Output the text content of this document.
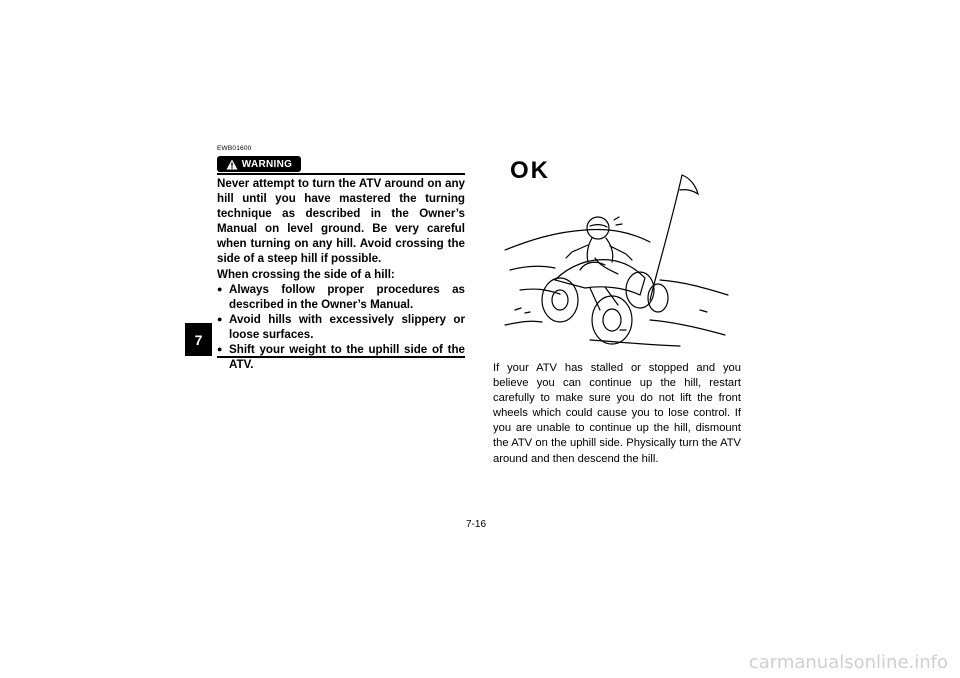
7
EWB01600
WARNING

Never attempt to turn the ATV around on any hill until you have mastered the turning technique as described in the Owner’s Manual on level ground. Be very careful when turning on any hill. Avoid crossing the side of a steep hill if possible.

When crossing the side of a hill:

● Always follow proper procedures as described in the Owner’s Manual.
● Avoid hills with excessively slippery or loose surfaces.
● Shift your weight to the uphill side of the ATV.
OK
If your ATV has stalled or stopped and you believe you can continue up the hill, restart carefully to make sure you do not lift the front wheels which could cause you to lose control. If you are unable to continue up the hill, dismount the ATV on the uphill side. Physically turn the ATV around and then descend the hill.
7-16
carmanualsonline.info
